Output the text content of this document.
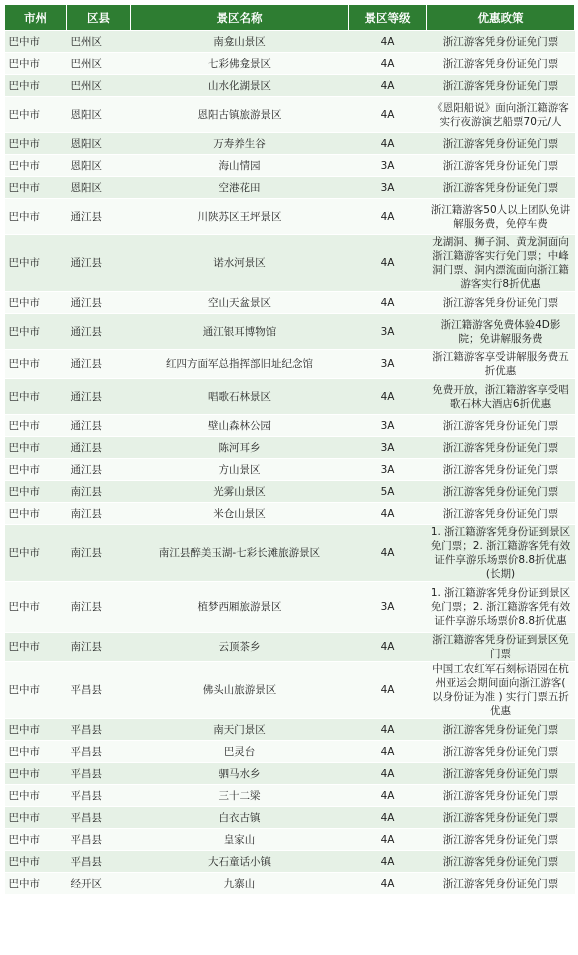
市州	区县	景区名称	景区等级	优惠政策
巴中市	巴州区	南龛山景区	4A	浙江游客凭身份证免门票
巴中市	巴州区	七彩佛龛景区	4A	浙江游客凭身份证免门票
巴中市	巴州区	山水化湖景区	4A	浙江游客凭身份证免门票
巴中市	恩阳区	恩阳古镇旅游景区	4A	《恩阳船说》面向浙江籍游客实行夜游演艺船票70元/人
巴中市	恩阳区	万寿养生谷	4A	浙江游客凭身份证免门票
巴中市	恩阳区	海山情园	3A	浙江游客凭身份证免门票
巴中市	恩阳区	空港花田	3A	浙江游客凭身份证免门票
巴中市	通江县	川陕苏区王坪景区	4A	浙江籍游客50人以上团队免讲解服务费，免停车费
巴中市	通江县	诺水河景区	4A	龙湖洞、狮子洞、黄龙洞面向浙江籍游客实行免门票；中峰洞门票、洞内漂流面向浙江籍游客实行8折优惠
巴中市	通江县	空山天盆景区	4A	浙江游客凭身份证免门票
巴中市	通江县	通江银耳博物馆	3A	浙江籍游客免费体验4D影院；免讲解服务费
巴中市	通江县	红四方面军总指挥部旧址纪念馆	3A	浙江籍游客享受讲解服务费五折优惠
巴中市	通江县	唱歌石林景区	4A	免费开放，浙江籍游客享受唱歌石林大酒店6折优惠
巴中市	通江县	壁山森林公园	3A	浙江游客凭身份证免门票
巴中市	通江县	陈河耳乡	3A	浙江游客凭身份证免门票
巴中市	通江县	方山景区	3A	浙江游客凭身份证免门票
巴中市	南江县	光雾山景区	5A	浙江游客凭身份证免门票
巴中市	南江县	米仓山景区	4A	浙江游客凭身份证免门票
巴中市	南江县	南江县醉美玉湖-七彩长滩旅游景区	4A	1. 浙江籍游客凭身份证到景区免门票；2. 浙江籍游客凭有效证件享游乐场票价8.8折优惠 (长期)
巴中市	南江县	植梦西厢旅游景区	3A	1. 浙江籍游客凭身份证到景区免门票；2. 浙江籍游客凭有效证件享游乐场票价8.8折优惠
巴中市	南江县	云顶茶乡	4A	浙江籍游客凭身份证到景区免门票
巴中市	平昌县	佛头山旅游景区	4A	中国工农红军石刻标语园在杭州亚运会期间面向浙江游客( 以身份证为准 ) 实行门票五折优惠
巴中市	平昌县	南天门景区	4A	浙江游客凭身份证免门票
巴中市	平昌县	巴灵台	4A	浙江游客凭身份证免门票
巴中市	平昌县	驷马水乡	4A	浙江游客凭身份证免门票
巴中市	平昌县	三十二梁	4A	浙江游客凭身份证免门票
巴中市	平昌县	白衣古镇	4A	浙江游客凭身份证免门票
巴中市	平昌县	皇家山	4A	浙江游客凭身份证免门票
巴中市	平昌县	大石童话小镇	4A	浙江游客凭身份证免门票
巴中市	经开区	九寨山	4A	浙江游客凭身份证免门票
